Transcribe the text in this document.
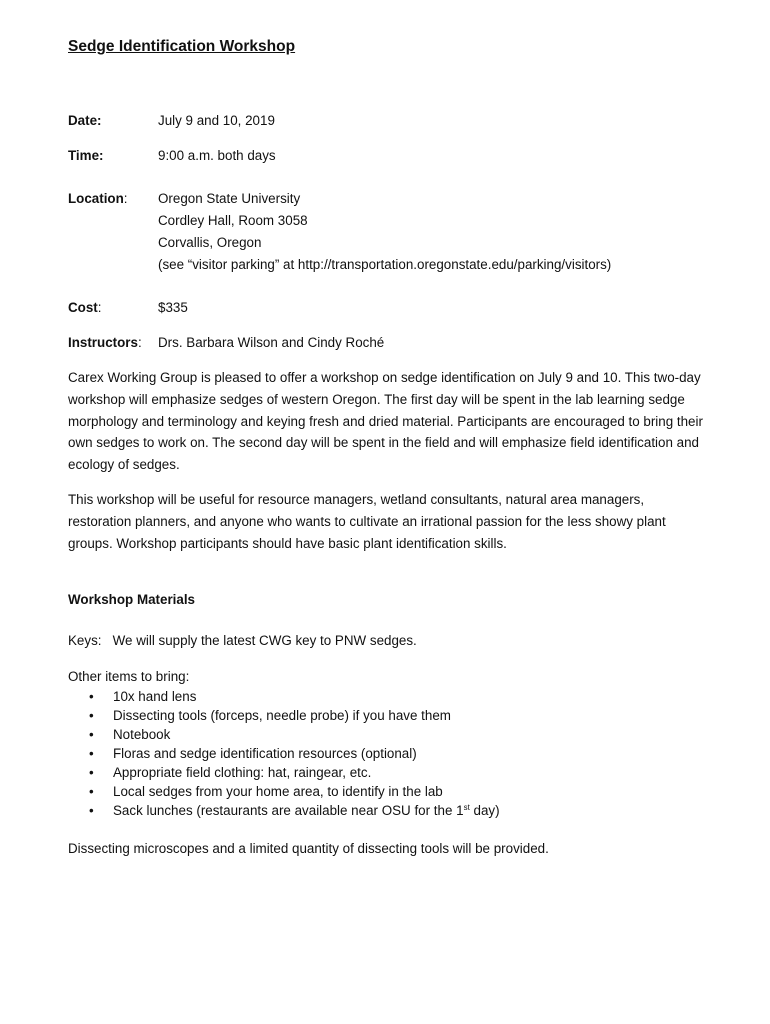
Sedge Identification Workshop
Date:	July 9 and 10, 2019
Time:	9:00 a.m. both days
Location: Oregon State University
Cordley Hall, Room 3058
Corvallis, Oregon
(see “visitor parking” at http://transportation.oregonstate.edu/parking/visitors)
Cost:	$335
Instructors: Drs. Barbara Wilson and Cindy Roché
Carex Working Group is pleased to offer a workshop on sedge identification on July 9 and 10. This two-day workshop will emphasize sedges of western Oregon. The first day will be spent in the lab learning sedge morphology and terminology and keying fresh and dried material. Participants are encouraged to bring their own sedges to work on. The second day will be spent in the field and will emphasize field identification and ecology of sedges.
This workshop will be useful for resource managers, wetland consultants, natural area managers, restoration planners, and anyone who wants to cultivate an irrational passion for the less showy plant groups. Workshop participants should have basic plant identification skills.
Workshop Materials
Keys:   We will supply the latest CWG key to PNW sedges.
Other items to bring:
• 10x hand lens
• Dissecting tools (forceps, needle probe) if you have them
• Notebook
• Floras and sedge identification resources (optional)
• Appropriate field clothing: hat, raingear, etc.
• Local sedges from your home area, to identify in the lab
• Sack lunches (restaurants are available near OSU for the 1st day)
Dissecting microscopes and a limited quantity of dissecting tools will be provided.
